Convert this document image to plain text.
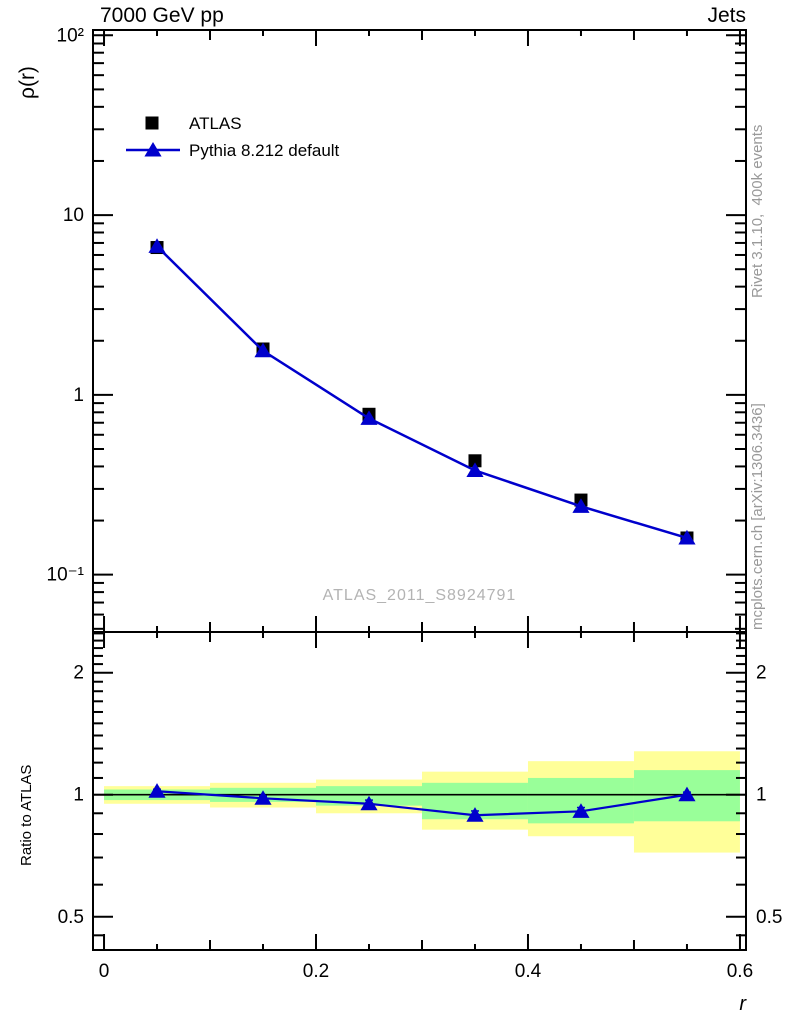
10²
10
1
10⁻¹
2	2
1	1
0.5	0.5
0	0.2	0.4	0.6
7000 GeV pp	Jets
ρ(r)
Ratio to ATLAS
Rivet 3.1.10,  400k events
mcplots.cern.ch [arXiv:1306.3436]
ATLAS
Pythia 8.212 default
ATLAS_2011_S8924791
r
